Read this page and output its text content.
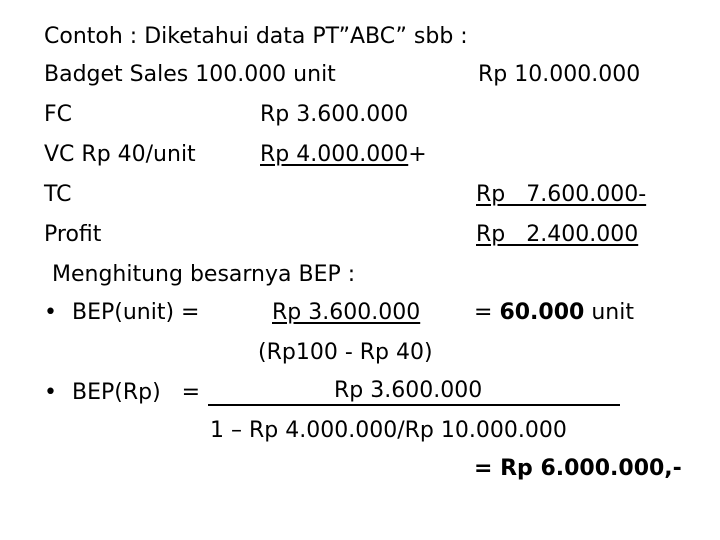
Contoh : Diketahui data PT”ABC” sbb :
Badget Sales 100.000 unit	Rp 10.000.000
FC	Rp 3.600.000
VC Rp 40/unit	Rp 4.000.000+
TC	Rp   7.600.000-
Profit	Rp   2.400.000
Menghitung besarnya BEP :
• BEP(unit) =	Rp 3.600.000 = 60.000 unit
(Rp100 - Rp 40)
• BEP(Rp)   =	Rp 3.600.000
1 – Rp 4.000.000/Rp 10.000.000
= Rp 6.000.000,-
